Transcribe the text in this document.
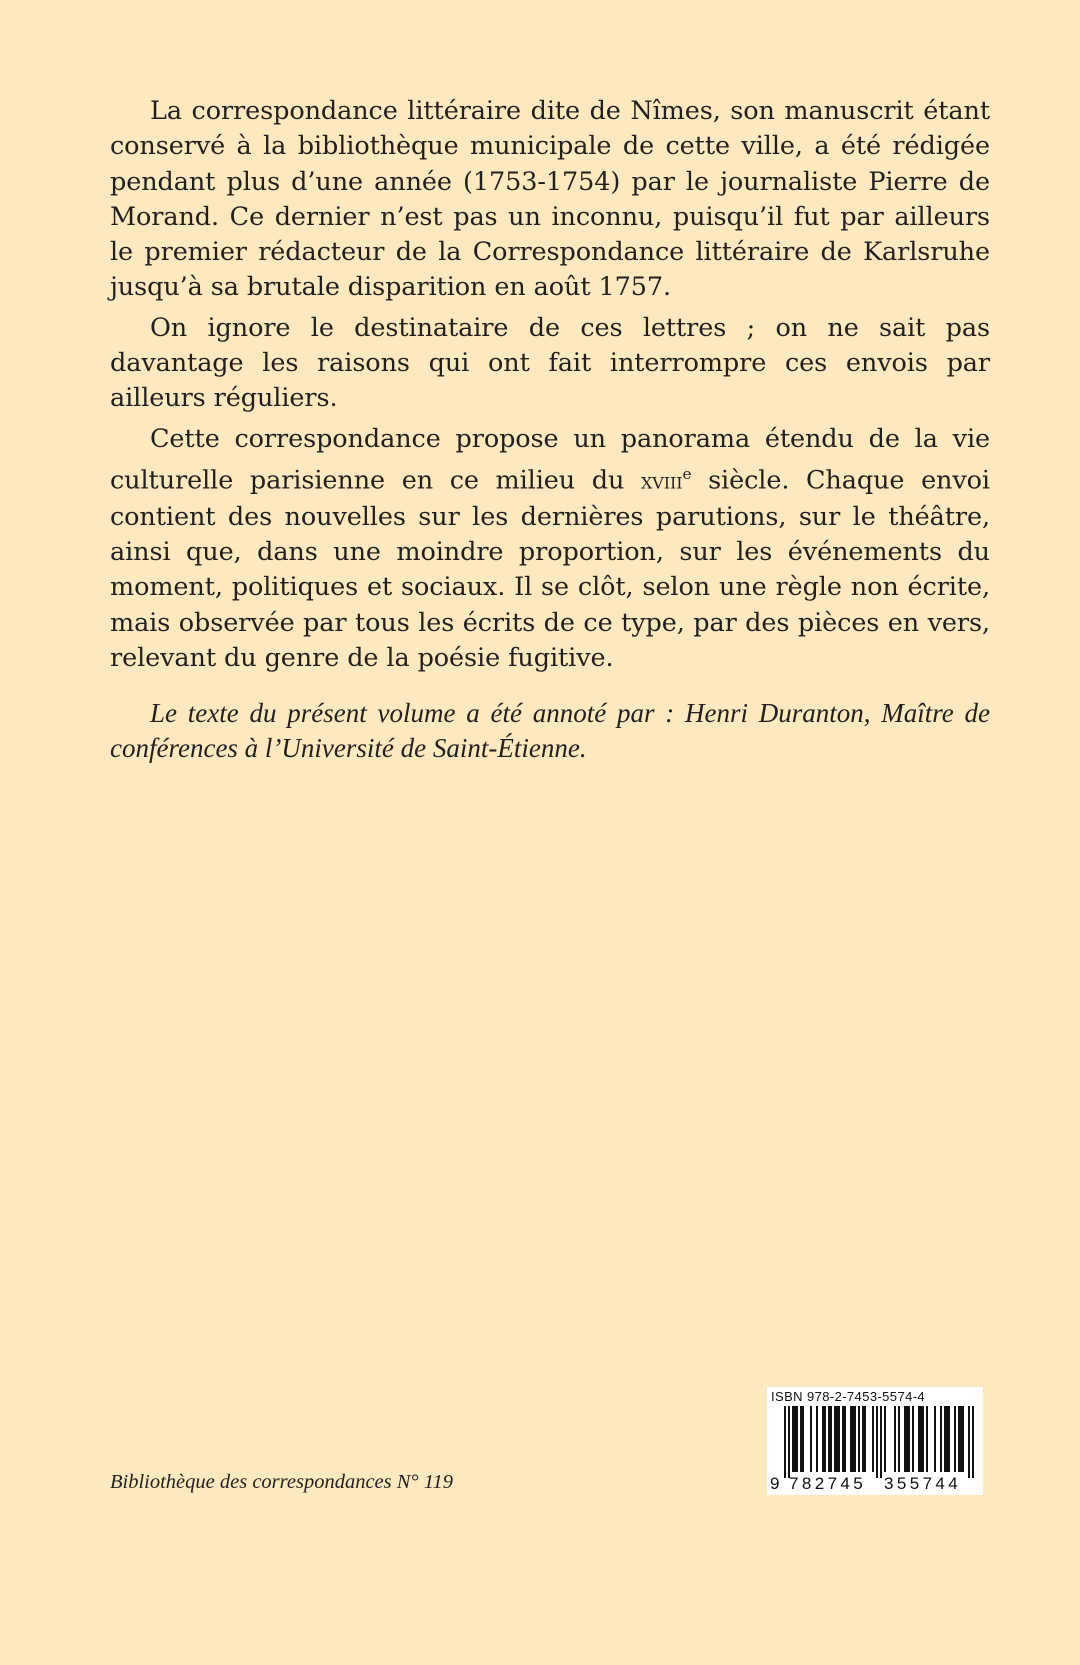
La correspondance littéraire dite de Nîmes, son manuscrit étant conservé à la bibliothèque municipale de cette ville, a été rédigée pendant plus d’une année (1753-1754) par le journaliste Pierre de Morand. Ce dernier n’est pas un inconnu, puisqu’il fut par ailleurs le premier rédacteur de la Correspondance littéraire de Karlsruhe jusqu’à sa brutale disparition en août 1757.

On ignore le destinataire de ces lettres ; on ne sait pas davantage les raisons qui ont fait interrompre ces envois par ailleurs réguliers.

Cette correspondance propose un panorama étendu de la vie culturelle parisienne en ce milieu du xviii$^e$ siècle. Chaque envoi contient des nouvelles sur les dernières parutions, sur le théâtre, ainsi que, dans une moindre proportion, sur les événements du moment, politiques et sociaux. Il se clôt, selon une règle non écrite, mais observée par tous les écrits de ce type, par des pièces en vers, relevant du genre de la poésie fugitive.

Le texte du présent volume a été annoté par : Henri Duranton, Maître de conférences à l’Université de Saint-Étienne.

Bibliothèque des correspondances N° 119

ISBN 978-2-7453-5574-4
9 782745 355744
